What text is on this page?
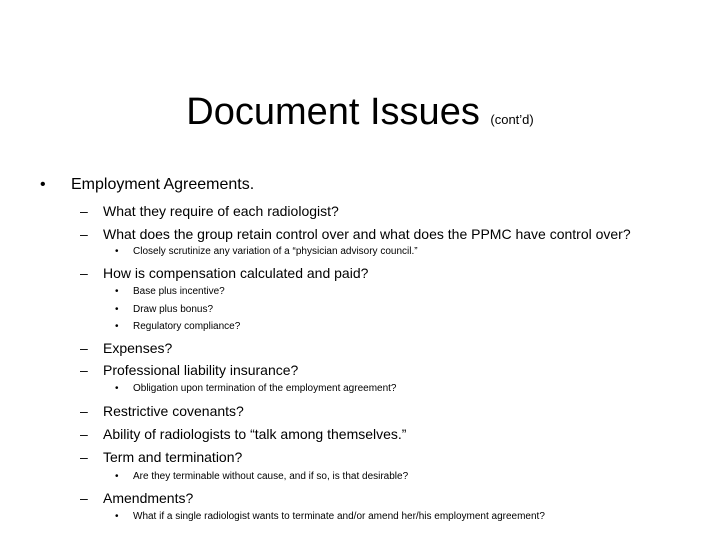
Document Issues (cont’d)
• Employment Agreements.
– What they require of each radiologist?
– What does the group retain control over and what does the PPMC have control over?
• Closely scrutinize any variation of a “physician advisory council.”
– How is compensation calculated and paid?
• Base plus incentive?
• Draw plus bonus?
• Regulatory compliance?
– Expenses?
– Professional liability insurance?
• Obligation upon termination of the employment agreement?
– Restrictive covenants?
– Ability of radiologists to “talk among themselves.”
– Term and termination?
• Are they terminable without cause, and if so, is that desirable?
– Amendments?
• What if a single radiologist wants to terminate and/or amend her/his employment agreement?
